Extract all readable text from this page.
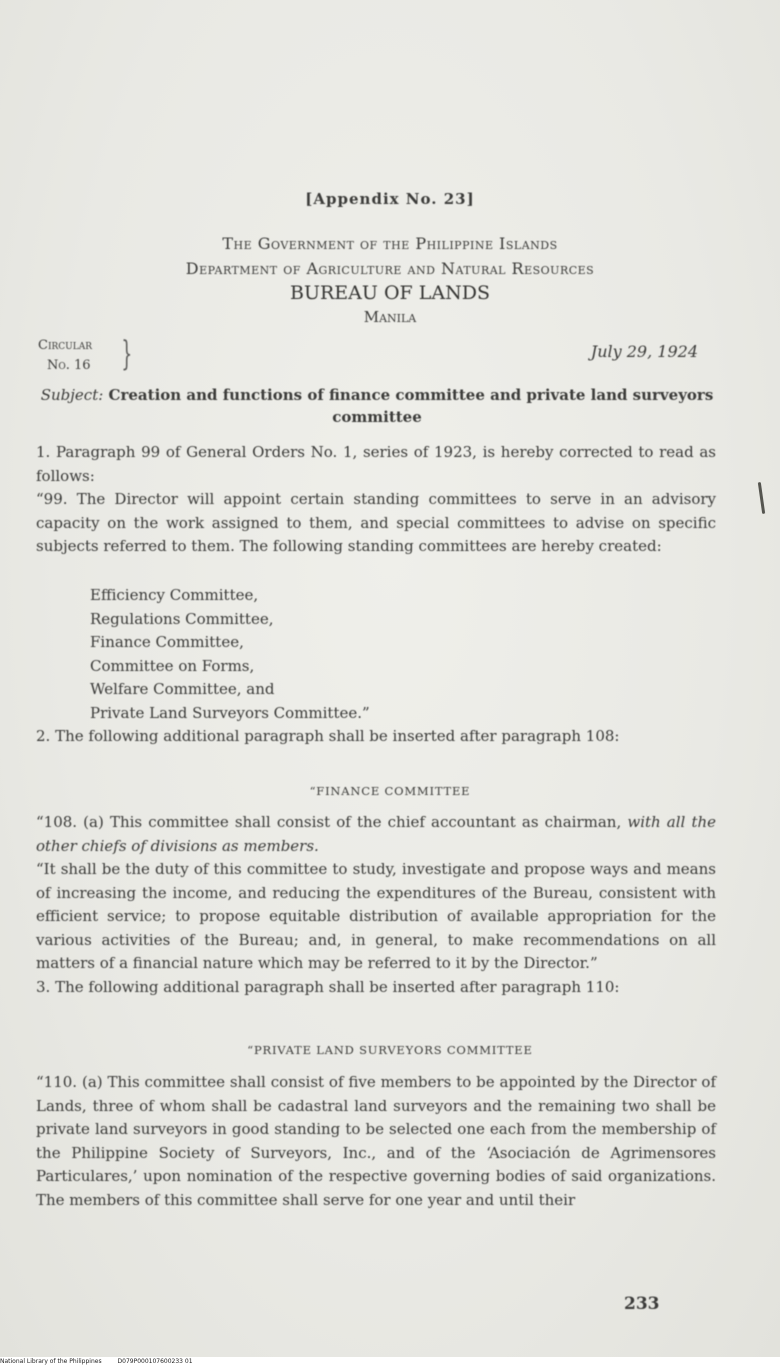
[Appendix No. 23]
The Government of the Philippine Islands
Department of Agriculture and Natural Resources
BUREAU OF LANDS
Manila
Circular
No. 16 }	July 29, 1924
Subject: Creation and functions of finance committee and private land surveyors committee

1. Paragraph 99 of General Orders No. 1, series of 1923, is hereby corrected to read as follows:

“99. The Director will appoint certain standing committees to serve in an advisory capacity on the work assigned to them, and special committees to advise on specific subjects referred to them. The following standing committees are hereby created:

Efficiency Committee,
Regulations Committee,
Finance Committee,
Committee on Forms,
Welfare Committee, and
Private Land Surveyors Committee.”

2. The following additional paragraph shall be inserted after paragraph 108:

“FINANCE COMMITTEE

“108. (a) This committee shall consist of the chief accountant as chairman, with all the other chiefs of divisions as members.

“It shall be the duty of this committee to study, investigate and propose ways and means of increasing the income, and reducing the expenditures of the Bureau, consistent with efficient service; to propose equitable distribution of available appropriation for the various activities of the Bureau; and, in general, to make recommendations on all matters of a financial nature which may be referred to it by the Director.”

3. The following additional paragraph shall be inserted after paragraph 110:

“PRIVATE LAND SURVEYORS COMMITTEE

“110. (a) This committee shall consist of five members to be appointed by the Director of Lands, three of whom shall be cadastral land surveyors and the remaining two shall be private land surveyors in good standing to be selected one each from the membership of the Philippine Society of Surveyors, Inc., and of the ‘Asociación de Agrimensores Particulares,’ upon nomination of the respective governing bodies of said organizations. The members of this committee shall serve for one year and until their

233
National Library of the Philippines	D079P000107600233 01
